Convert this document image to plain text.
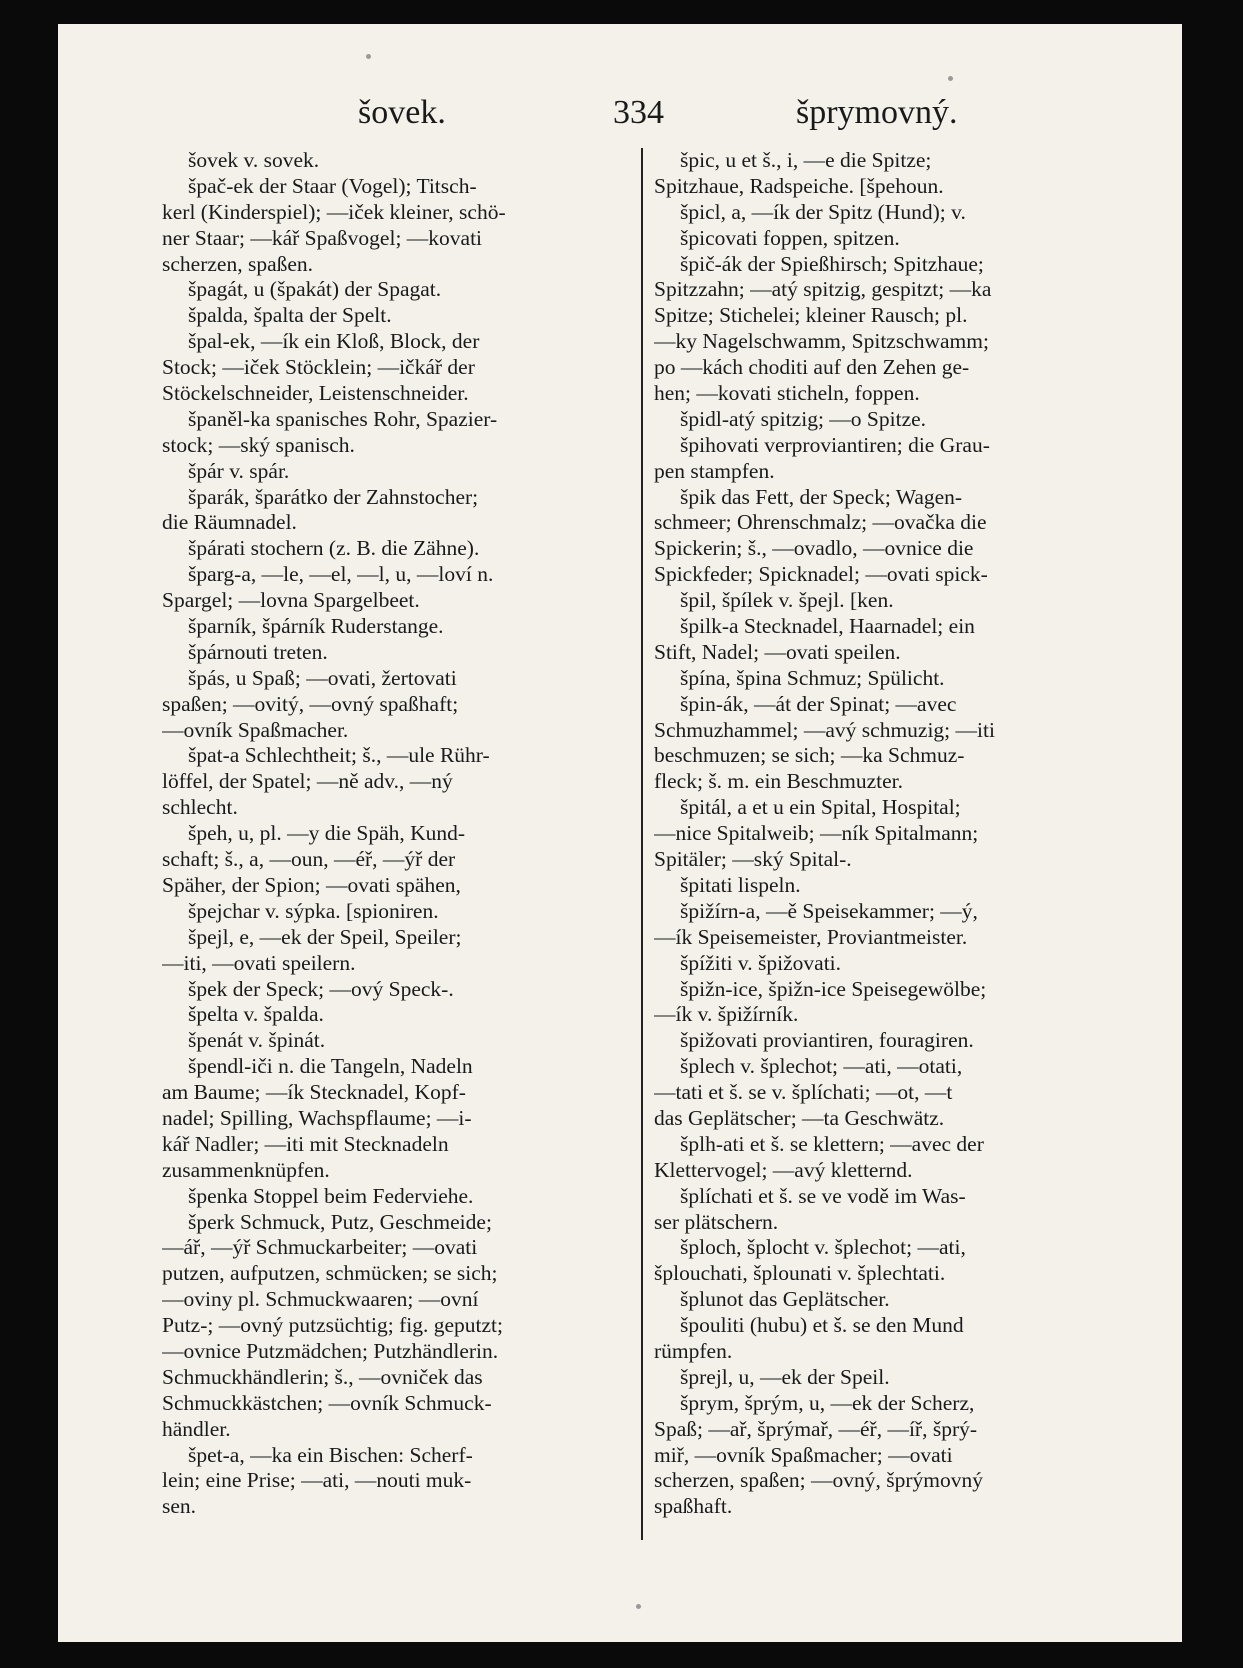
šovek.	334	šprymovný.
šovek v. sovek.
špač-ek der Staar (Vogel); Titsch-
kerl (Kinderspiel); —iček kleiner, schö-
ner Staar; —kář Spaßvogel; —kovati
scherzen, spaßen.
špagát, u (špakát) der Spagat.
špalda, špalta der Spelt.
špal-ek, —ík ein Kloß, Block, der
Stock; —iček Stöcklein; —ičkář der
Stöckelschneider, Leistenschneider.
španěl-ka spanisches Rohr, Spazier-
stock; —ský spanisch.
špár v. spár.
šparák, šparátko der Zahnstocher;
die Räumnadel.
špárati stochern (z. B. die Zähne).
šparg-a, —le, —el, —l, u, —loví n.
Spargel; —lovna Spargelbeet.
šparník, špárník Ruderstange.
špárnouti treten.
špás, u Spaß; —ovati, žertovati
spaßen; —ovitý, —ovný spaßhaft;
—ovník Spaßmacher.
špat-a Schlechtheit; š., —ule Rühr-
löffel, der Spatel; —ně adv., —ný
schlecht.
špeh, u, pl. —y die Späh, Kund-
schaft; š., a, —oun, —éř, —ýř der
Späher, der Spion; —ovati spähen,
špejchar v. sýpka. [spioniren.
špejl, e, —ek der Speil, Speiler;
—iti, —ovati speilern.
špek der Speck; —ový Speck-.
špelta v. špalda.
špenát v. špinát.
špendl-iči n. die Tangeln, Nadeln
am Baume; —ík Stecknadel, Kopf-
nadel; Spilling, Wachspflaume; —i-
kář Nadler; —iti mit Stecknadeln
zusammenknüpfen.
špenka Stoppel beim Federviehe.
šperk Schmuck, Putz, Geschmeide;
—ář, —ýř Schmuckarbeiter; —ovati
putzen, aufputzen, schmücken; se sich;
—oviny pl. Schmuckwaaren; —ovní
Putz-; —ovný putzsüchtig; fig. geputzt;
—ovnice Putzmädchen; Putzhändlerin.
Schmuckhändlerin; š., —ovniček das
Schmuckkästchen; —ovník Schmuck-
händler.
špet-a, —ka ein Bischen: Scherf-
lein; eine Prise; —ati, —nouti muk-
sen.
špic, u et š., i, —e die Spitze;
Spitzhaue, Radspeiche. [špehoun.
špicl, a, —ík der Spitz (Hund); v.
špicovati foppen, spitzen.
špič-ák der Spießhirsch; Spitzhaue;
Spitzzahn; —atý spitzig, gespitzt; —ka
Spitze; Stichelei; kleiner Rausch; pl.
—ky Nagelschwamm, Spitzschwamm;
po —kách choditi auf den Zehen ge-
hen; —kovati sticheln, foppen.
špidl-atý spitzig; —o Spitze.
špihovati verproviantiren; die Grau-
pen stampfen.
špik das Fett, der Speck; Wagen-
schmeer; Ohrenschmalz; —ovačka die
Spickerin; š., —ovadlo, —ovnice die
Spickfeder; Spicknadel; —ovati spick-
špil, špílek v. špejl. [ken.
špilk-a Stecknadel, Haarnadel; ein
Stift, Nadel; —ovati speilen.
špína, špina Schmuz; Spülicht.
špin-ák, —át der Spinat; —avec
Schmuzhammel; —avý schmuzig; —iti
beschmuzen; se sich; —ka Schmuz-
fleck; š. m. ein Beschmuzter.
špitál, a et u ein Spital, Hospital;
—nice Spitalweib; —ník Spitalmann;
Spitäler; —ský Spital-.
špitati lispeln.
špižírn-a, —ě Speisekammer; —ý,
—ík Speisemeister, Proviantmeister.
špížiti v. špižovati.
špižn-ice, špižn-ice Speisegewölbe;
—ík v. špižírník.
špižovati proviantiren, fouragiren.
šplech v. šplechot; —ati, —otati,
—tati et š. se v. šplíchati; —ot, —t
das Geplätscher; —ta Geschwätz.
šplh-ati et š. se klettern; —avec der
Klettervogel; —avý kletternd.
šplíchati et š. se ve vodě im Was-
ser plätschern.
šploch, šplocht v. šplechot; —ati,
šplouchati, šplounati v. šplechtati.
šplunot das Geplätscher.
špouliti (hubu) et š. se den Mund
rümpfen.
šprejl, u, —ek der Speil.
šprym, šprým, u, —ek der Scherz,
Spaß; —ař, šprýmař, —éř, —íř, šprý-
miř, —ovník Spaßmacher; —ovati
scherzen, spaßen; —ovný, šprýmovný
spaßhaft.
